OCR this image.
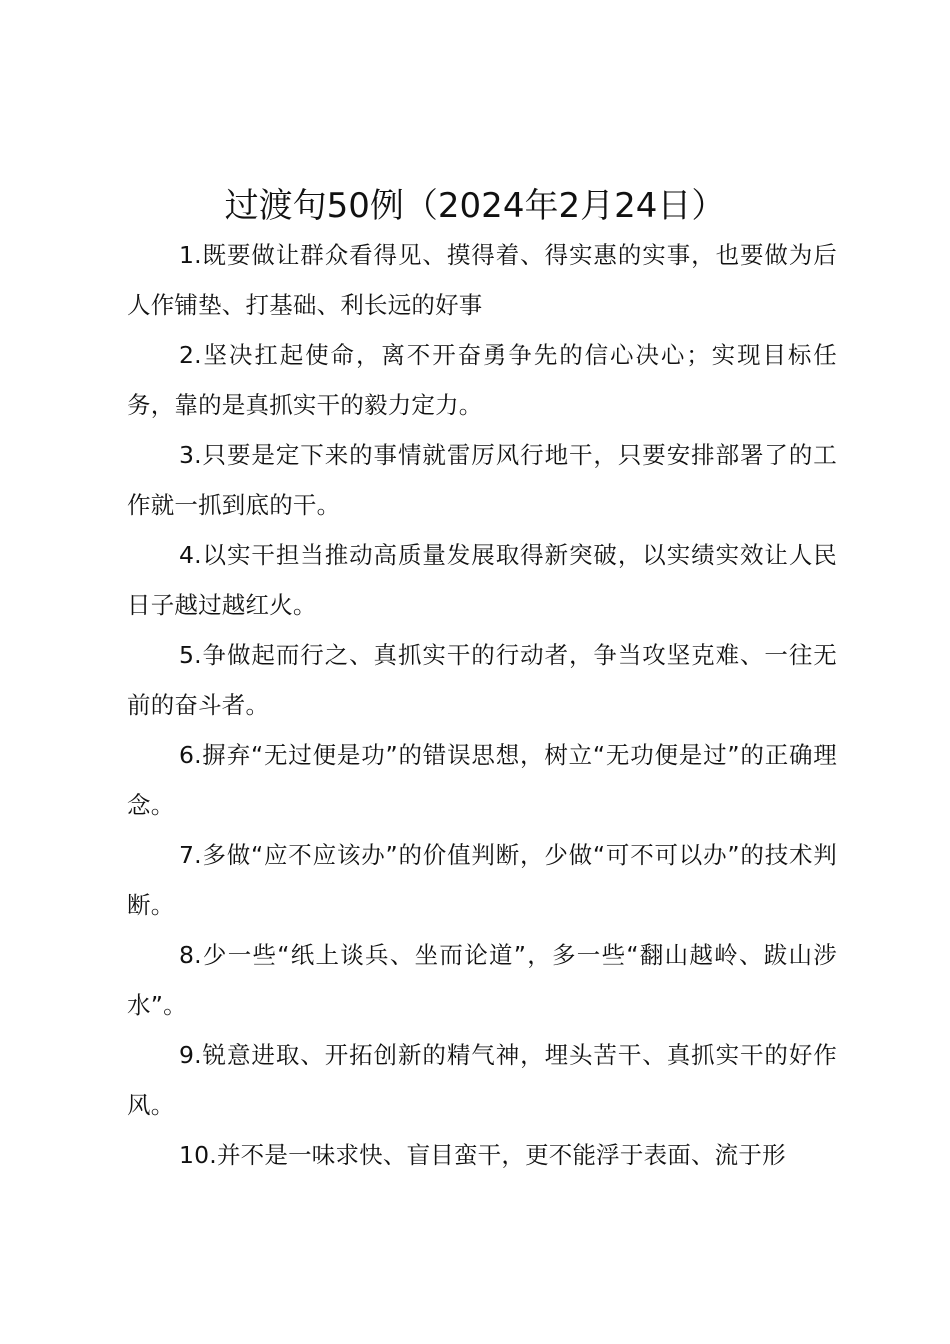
过渡句50例（2024年2月24日）

1.既要做让群众看得见、摸得着、得实惠的实事，也要做为后人作铺垫、打基础、利长远的好事

2.坚决扛起使命，离不开奋勇争先的信心决心；实现目标任务，靠的是真抓实干的毅力定力。

3.只要是定下来的事情就雷厉风行地干，只要安排部署了的工作就一抓到底的干。

4.以实干担当推动高质量发展取得新突破，以实绩实效让人民日子越过越红火。

5.争做起而行之、真抓实干的行动者，争当攻坚克难、一往无前的奋斗者。

6.摒弃“无过便是功”的错误思想，树立“无功便是过”的正确理念。

7.多做“应不应该办”的价值判断，少做“可不可以办”的技术判断。

8.少一些“纸上谈兵、坐而论道”，多一些“翻山越岭、跋山涉水”。

9.锐意进取、开拓创新的精气神，埋头苦干、真抓实干的好作风。

10.并不是一味求快、盲目蛮干，更不能浮于表面、流于形
